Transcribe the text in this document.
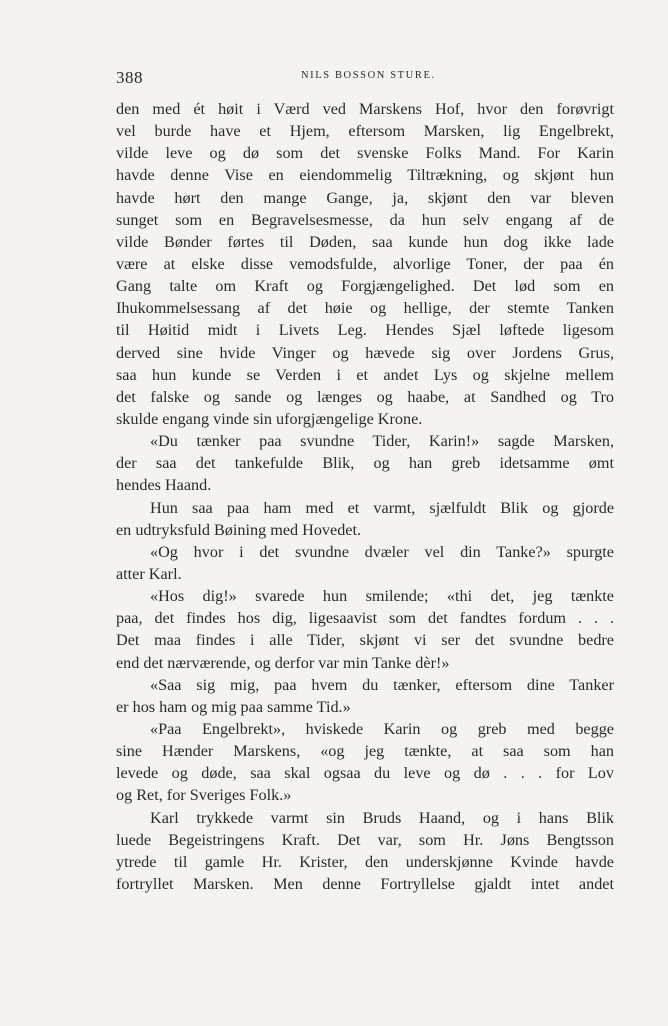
388	NILS BOSSON STURE.
den med ét høit i Værd ved Marskens Hof, hvor den forøvrigt
vel burde have et Hjem, eftersom Marsken, lig Engelbrekt,
vilde leve og dø som det svenske Folks Mand. For Karin
havde denne Vise en eiendommelig Tiltrækning, og skjønt hun
havde hørt den mange Gange, ja, skjønt den var bleven
sunget som en Begravelsesmesse, da hun selv engang af de
vilde Bønder førtes til Døden, saa kunde hun dog ikke lade
være at elske disse vemodsfulde, alvorlige Toner, der paa én
Gang talte om Kraft og Forgjængelighed. Det lød som en
Ihukommelsessang af det høie og hellige, der stemte Tanken
til Høitid midt i Livets Leg. Hendes Sjæl løftede ligesom
derved sine hvide Vinger og hævede sig over Jordens Grus,
saa hun kunde se Verden i et andet Lys og skjelne mellem
det falske og sande og længes og haabe, at Sandhed og Tro
skulde engang vinde sin uforgjængelige Krone.
«Du tænker paa svundne Tider, Karin!» sagde Marsken,
der saa det tankefulde Blik, og han greb idetsamme ømt
hendes Haand.
Hun saa paa ham med et varmt, sjælfuldt Blik og gjorde
en udtryksfuld Bøining med Hovedet.
«Og hvor i det svundne dvæler vel din Tanke?» spurgte
atter Karl.
«Hos dig!» svarede hun smilende; «thi det, jeg tænkte
paa, det findes hos dig, ligesaavist som det fandtes fordum . . .
Det maa findes i alle Tider, skjønt vi ser det svundne bedre
end det nærværende, og derfor var min Tanke dèr!»
«Saa sig mig, paa hvem du tænker, eftersom dine Tanker
er hos ham og mig paa samme Tid.»
«Paa Engelbrekt», hviskede Karin og greb med begge
sine Hænder Marskens, «og jeg tænkte, at saa som han
levede og døde, saa skal ogsaa du leve og dø . . . for Lov
og Ret, for Sveriges Folk.»
Karl trykkede varmt sin Bruds Haand, og i hans Blik
luede Begeistringens Kraft. Det var, som Hr. Jøns Bengtsson
ytrede til gamle Hr. Krister, den underskjønne Kvinde havde
fortryllet Marsken. Men denne Fortryllelse gjaldt intet andet
